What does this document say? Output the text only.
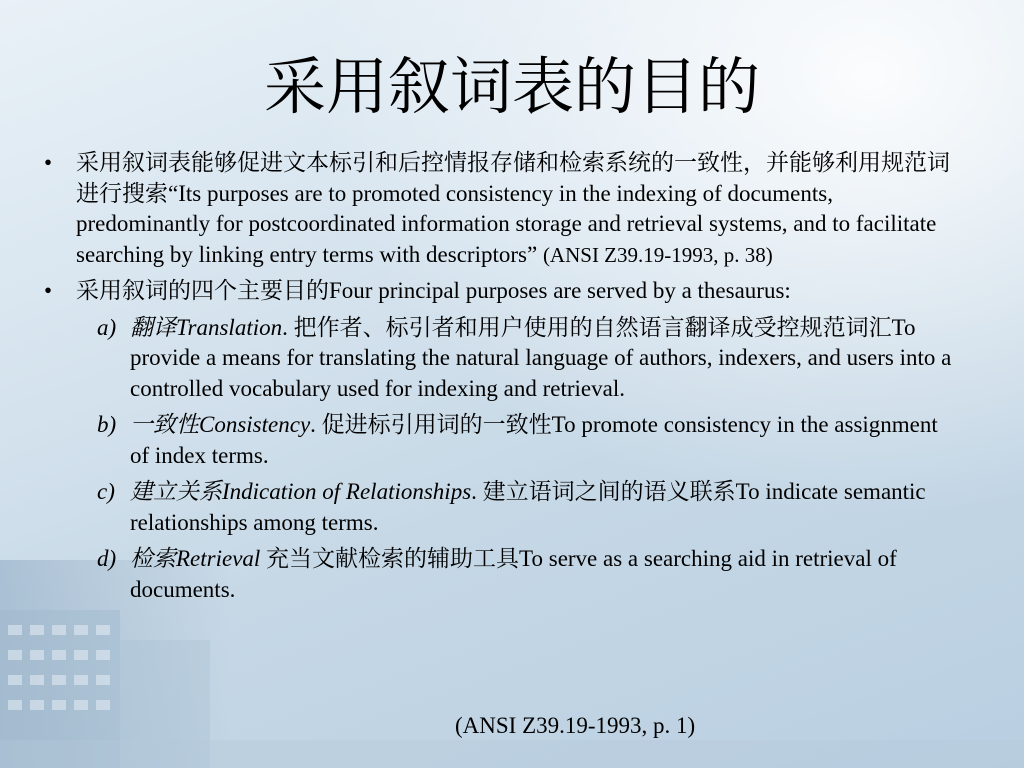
采用叙词表的目的
• 采用叙词表能够促进文本标引和后控情报存储和检索系统的一致性，并能够利用规范词进行搜索“Its purposes are to promoted consistency in the indexing of documents, predominantly for postcoordinated information storage and retrieval systems, and to facilitate searching by linking entry terms with descriptors” (ANSI Z39.19-1993, p. 38)
• 采用叙词的四个主要目的Four principal purposes are served by a thesaurus:
a) 翻译Translation. 把作者、标引者和用户使用的自然语言翻译成受控规范词汇To provide a means for translating the natural language of authors, indexers, and users into a controlled vocabulary used for indexing and retrieval.
b) 一致性Consistency. 促进标引用词的一致性To promote consistency in the assignment of index terms.
c) 建立关系Indication of Relationships. 建立语词之间的语义联系To indicate semantic relationships among terms.
d) 检索Retrieval 充当文献检索的辅助工具To serve as a searching aid in retrieval of documents.
(ANSI Z39.19-1993, p. 1)
